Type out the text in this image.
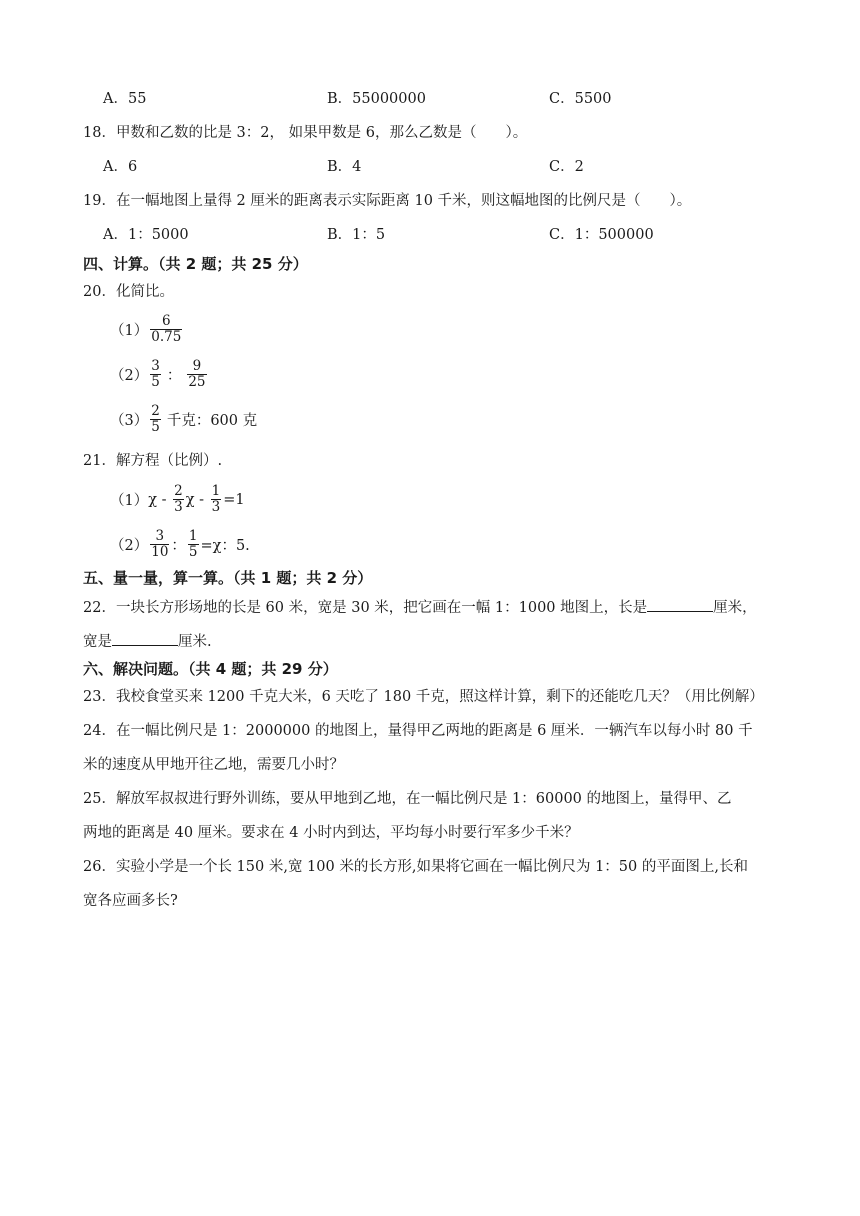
A．55	B．55000000	C．5500
18．甲数和乙数的比是 3：2， 如果甲数是 6，那么乙数是（　　）。
A．6	B．4	C．2
19．在一幅地图上量得 2 厘米的距离表示实际距离 10 千米，则这幅地图的比例尺是（　　）。
A．1：5000	B．1：5	C．1：500000
四、计算。（共 2 题；共 25 分）
20．化简比。
$(1) \frac{6}{0.75}$
$(2) \frac{3}{5}$ ： $\frac{9}{25}$
$(3) \frac{2}{5}$ 千克：600 克
21．解方程（比例）.
（1） χ - $\frac{2}{3}$ $\chi - \frac{1}{3} =1$
$(2) \frac{3}{10}$ ： $\frac{1}{5} =\chi$：5.
五、量一量，算一算。（共 1 题；共 2 分）
22．一块长方形场地的长是 60 米，宽是 30 米，把它画在一幅 1：1000 地图上，长是	厘米，
宽是	厘米.
六、解决问题。（共 4 题；共 29 分）
23．我校食堂买来 1200 千克大米，6 天吃了 180 千克，照这样计算，剩下的还能吃几天？（用比例解）
24．在一幅比例尺是 1：2000000 的地图上，量得甲乙两地的距离是 6 厘米．一辆汽车以每小时 80 千
米的速度从甲地开往乙地，需要几小时？
25．解放军叔叔进行野外训练，要从甲地到乙地，在一幅比例尺是 1：60000 的地图上，量得甲、乙
两地的距离是 40 厘米。要求在 4 小时内到达，平均每小时要行军多少千米？
26．实验小学是一个长 150 米,宽 100 米的长方形,如果将它画在一幅比例尺为 1：50 的平面图上,长和
宽各应画多长?
